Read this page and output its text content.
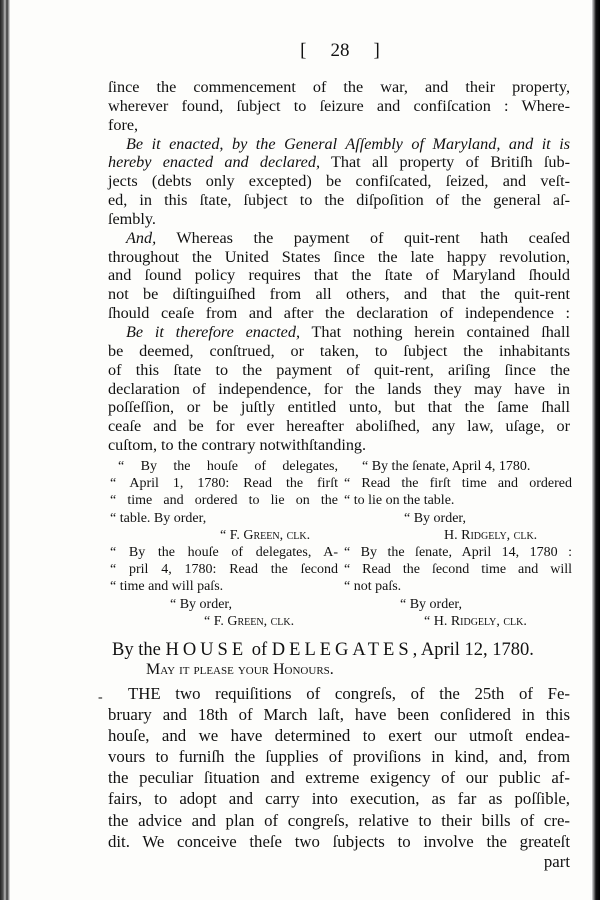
[ 28 ]
ſince the commencement of the war, and their property,
wherever found, ſubject to ſeizure and confiſcation : Where-
fore,
Be it enacted, by the General Aſſembly of Maryland, and it is
hereby enacted and declared, That all property of Britiſh ſub-
jects (debts only excepted) be confiſcated, ſeized, and veſt-
ed, in this ſtate, ſubject to the diſpoſition of the general aſ-
ſembly.
And, Whereas the payment of quit-rent hath ceaſed
throughout the United States ſince the late happy revolution,
and ſound policy requires that the ſtate of Maryland ſhould
not be diſtinguiſhed from all others, and that the quit-rent
ſhould ceaſe from and after the declaration of independence :
Be it therefore enacted, That nothing herein contained ſhall
be deemed, conſtrued, or taken, to ſubject the inhabitants
of this ſtate to the payment of quit-rent, ariſing ſince the
declaration of independence, for the lands they may have in
poſſeſſion, or be juſtly entitled unto, but that the ſame ſhall
ceaſe and be for ever hereafter aboliſhed, any law, uſage, or
cuſtom, to the contrary notwithſtanding.
“ By the houſe of delegates,
“ April 1, 1780: Read the firſt
“ time and ordered to lie on the
“ table. By order,
“ F. Green, clk.
“ By the houſe of delegates, A-
“ pril 4, 1780: Read the ſecond
“ time and will paſs.
“ By order,
“ F. Green, clk.
“ By the ſenate, April 4, 1780.
“ Read the firſt time and ordered
“ to lie on the table.
“ By order,
H. Ridgely, clk.
“ By the ſenate, April 14, 1780 :
“ Read the ſecond time and will
“ not paſs.
“ By order,
“ H. Ridgely, clk.
By the HOUSE of DELEGATES, April 12, 1780.
May it pleaſe your Honours.
-	THE two requiſitions of congreſs, of the 25th of Fe-
bruary and 18th of March laſt, have been conſidered in this
houſe, and we have determined to exert our utmoſt endea-
vours to furniſh the ſupplies of proviſions in kind, and, from
the peculiar ſituation and extreme exigency of our public af-
fairs, to adopt and carry into execution, as far as poſſible,
the advice and plan of congreſs, relative to their bills of cre-
dit. We conceive theſe two ſubjects to involve the greateſt
part
